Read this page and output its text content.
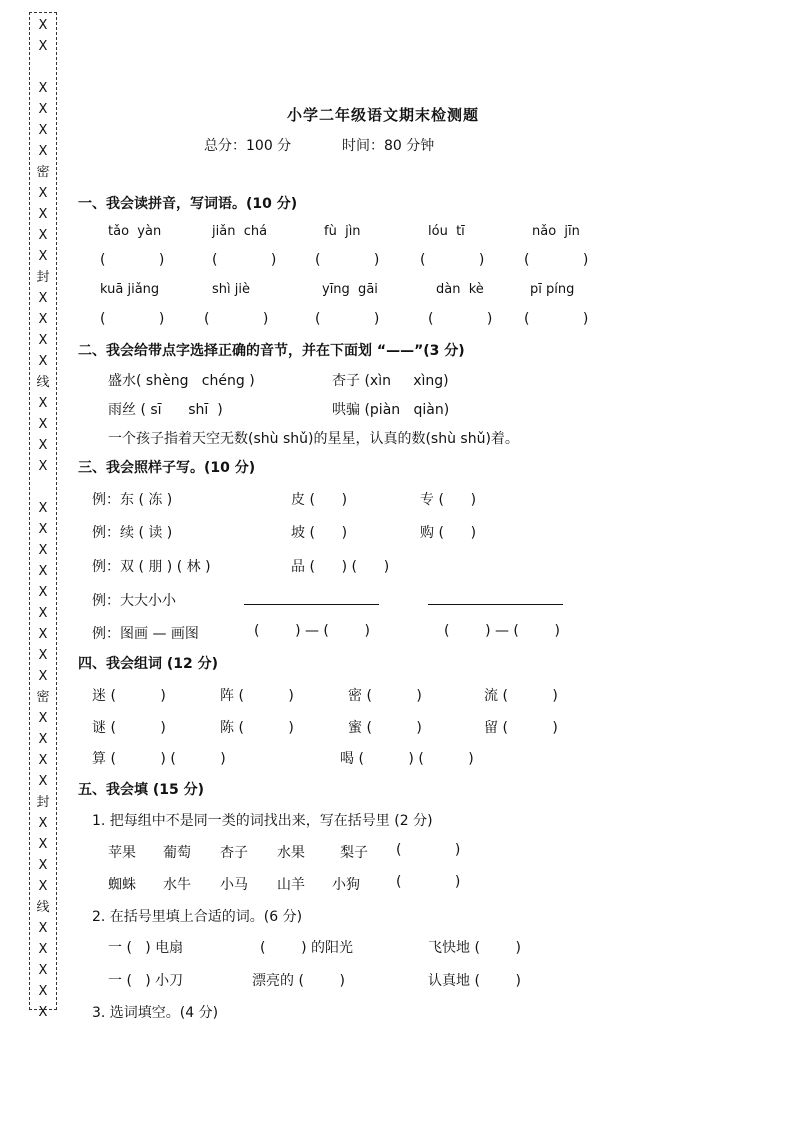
X
X
X
X
X
X
密
X
X
X
X
封
X
X
X
X
线
X
X
X
X
X
X
X
X
X
X
X
X
X
密
X
X
X
X
封
X
X
X
X
线
X
X
X
X
X
小学二年级语文期末检测题
总分：100 分	时间：80 分钟
一、我会读拼音，写词语。(10 分)
tǎo  yàn	jiǎn  chá	fù  jìn	lóu  tī	nǎo  jīn
(            )	(            )	(            )	(            )	(            )
kuā jiǎng	shì jiè	yīng  gāi	dàn  kè	pī píng
(            )	(            )	(            )	(            ) (            )
二、我会给带点字选择正确的音节，并在下面划 “——”(3 分)
盛水( shèng   chéng )	杏子 (xìn     xìng)
雨丝 ( sī      shī  )	哄骗 (piàn   qiàn)
一个孩子指着天空无数(shù shǔ)的星星，认真的数(shù shǔ)着。
三、我会照样子写。(10 分)
例：东 ( 冻 )	皮 (      )	专 (      )
例：续 ( 读 )	坡 (      )	购 (      )
例：双 ( 朋 ) ( 林 )	品 (      ) (      )
例：大大小小
例：图画 — 画图	(        ) — (        )	(        ) — (        )
四、我会组词 (12 分)
迷 (          )	阵 (          )	密 (          )	流 (          )
谜 (          )	陈 (          )	蜜 (          )	留 (          )
算 (          ) (          )	喝 (          ) (          )
五、我会填 (15 分)
1. 把每组中不是同一类的词找出来，写在括号里 (2 分)
苹果 葡萄 杏子 水果	梨子 (            )
蜘蛛 水牛 小马 山羊 小狗	(            )
2. 在括号里填上合适的词。(6 分)
一 (   ) 电扇	(        ) 的阳光	飞快地 (        )
一 (   ) 小刀	漂亮的 (        )	认真地 (        )
3. 选词填空。(4 分)
